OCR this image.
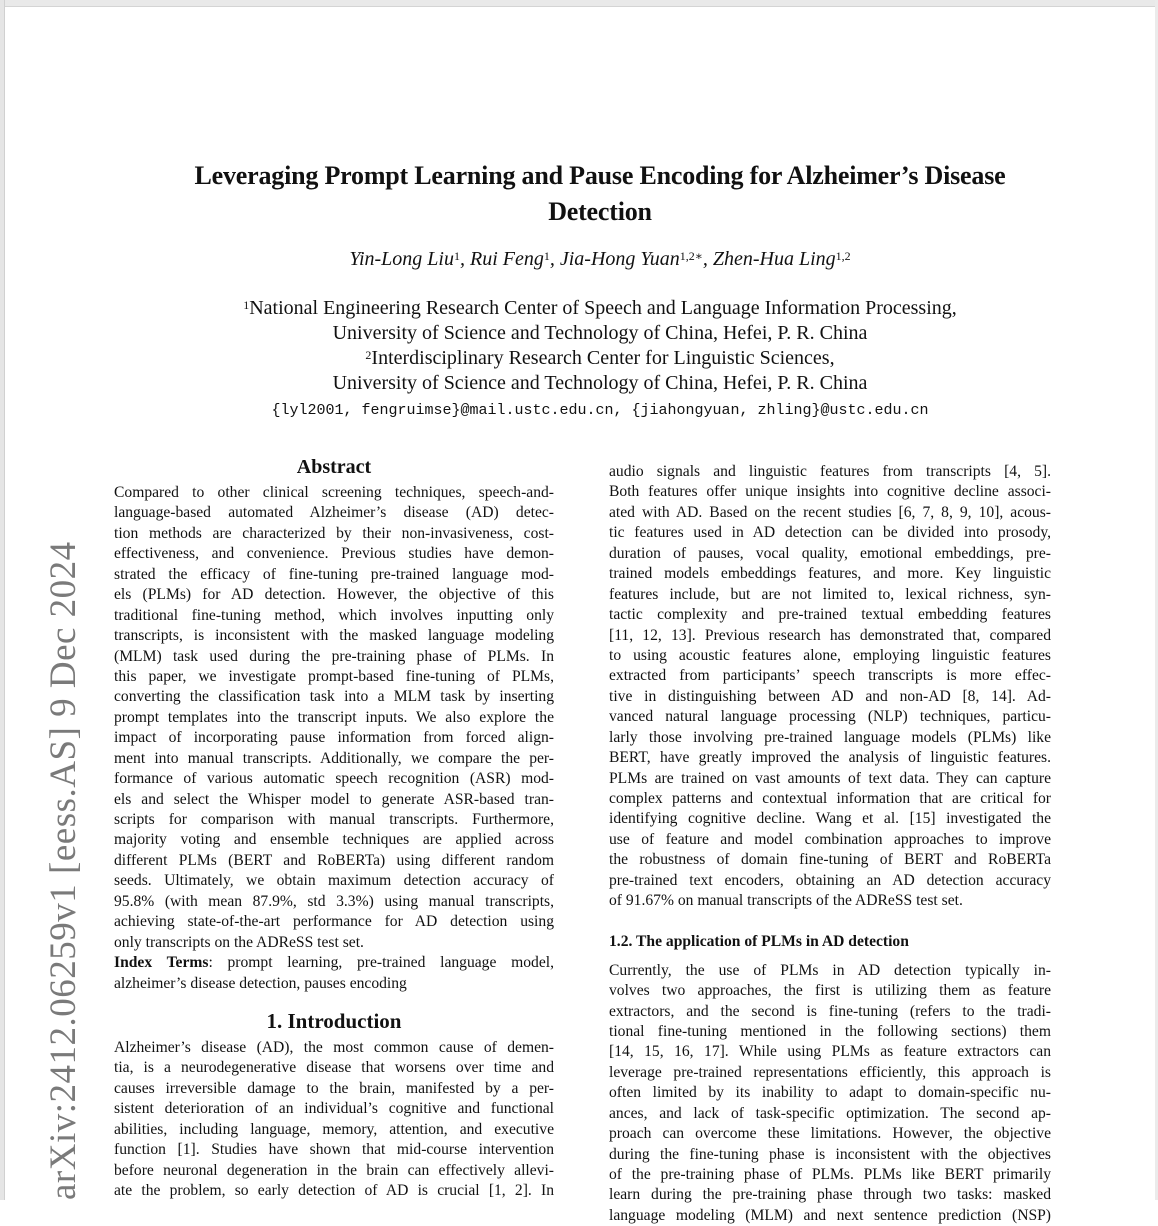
arXiv:2412.06259v1 [eess.AS] 9 Dec 2024
Leveraging Prompt Learning and Pause Encoding for Alzheimer’s Disease
Detection
Yin-Long Liu$^1$, Rui Feng$^1$, Jia-Hong Yuan$^{1,2∗}$, Zhen-Hua Ling$^{1,2}$
$^1$National Engineering Research Center of Speech and Language Information Processing,
University of Science and Technology of China, Hefei, P. R. China
$^2$Interdisciplinary Research Center for Linguistic Sciences,
University of Science and Technology of China, Hefei, P. R. China
{lyl2001, fengruimse}@mail.ustc.edu.cn, {jiahongyuan, zhling}@ustc.edu.cn
Abstract
Compared to other clinical screening techniques, speech-and-
language-based automated Alzheimer’s disease (AD) detec-
tion methods are characterized by their non-invasiveness, cost-
effectiveness, and convenience. Previous studies have demon-
strated the efficacy of fine-tuning pre-trained language mod-
els (PLMs) for AD detection. However, the objective of this
traditional fine-tuning method, which involves inputting only
transcripts, is inconsistent with the masked language modeling
(MLM) task used during the pre-training phase of PLMs. In
this paper, we investigate prompt-based fine-tuning of PLMs,
converting the classification task into a MLM task by inserting
prompt templates into the transcript inputs. We also explore the
impact of incorporating pause information from forced align-
ment into manual transcripts. Additionally, we compare the per-
formance of various automatic speech recognition (ASR) mod-
els and select the Whisper model to generate ASR-based tran-
scripts for comparison with manual transcripts. Furthermore,
majority voting and ensemble techniques are applied across
different PLMs (BERT and RoBERTa) using different random
seeds. Ultimately, we obtain maximum detection accuracy of
95.8% (with mean 87.9%, std 3.3%) using manual transcripts,
achieving state-of-the-art performance for AD detection using
only transcripts on the ADReSS test set.
Index Terms: prompt learning, pre-trained language model,
alzheimer’s disease detection, pauses encoding
1. Introduction
Alzheimer’s disease (AD), the most common cause of demen-
tia, is a neurodegenerative disease that worsens over time and
causes irreversible damage to the brain, manifested by a per-
sistent deterioration of an individual’s cognitive and functional
abilities, including language, memory, attention, and executive
function [1]. Studies have shown that mid-course intervention
before neuronal degeneration in the brain can effectively allevi-
ate the problem, so early detection of AD is crucial [1, 2]. In
audio signals and linguistic features from transcripts [4, 5].
Both features offer unique insights into cognitive decline associ-
ated with AD. Based on the recent studies [6, 7, 8, 9, 10], acous-
tic features used in AD detection can be divided into prosody,
duration of pauses, vocal quality, emotional embeddings, pre-
trained models embeddings features, and more. Key linguistic
features include, but are not limited to, lexical richness, syn-
tactic complexity and pre-trained textual embedding features
[11, 12, 13]. Previous research has demonstrated that, compared
to using acoustic features alone, employing linguistic features
extracted from participants’ speech transcripts is more effec-
tive in distinguishing between AD and non-AD [8, 14]. Ad-
vanced natural language processing (NLP) techniques, particu-
larly those involving pre-trained language models (PLMs) like
BERT, have greatly improved the analysis of linguistic features.
PLMs are trained on vast amounts of text data. They can capture
complex patterns and contextual information that are critical for
identifying cognitive decline. Wang et al. [15] investigated the
use of feature and model combination approaches to improve
the robustness of domain fine-tuning of BERT and RoBERTa
pre-trained text encoders, obtaining an AD detection accuracy
of 91.67% on manual transcripts of the ADReSS test set.
1.2. The application of PLMs in AD detection
Currently, the use of PLMs in AD detection typically in-
volves two approaches, the first is utilizing them as feature
extractors, and the second is fine-tuning (refers to the tradi-
tional fine-tuning mentioned in the following sections) them
[14, 15, 16, 17]. While using PLMs as feature extractors can
leverage pre-trained representations efficiently, this approach is
often limited by its inability to adapt to domain-specific nu-
ances, and lack of task-specific optimization. The second ap-
proach can overcome these limitations. However, the objective
during the fine-tuning phase is inconsistent with the objectives
of the pre-training phase of PLMs. PLMs like BERT primarily
learn during the pre-training phase through two tasks: masked
language modeling (MLM) and next sentence prediction (NSP)
